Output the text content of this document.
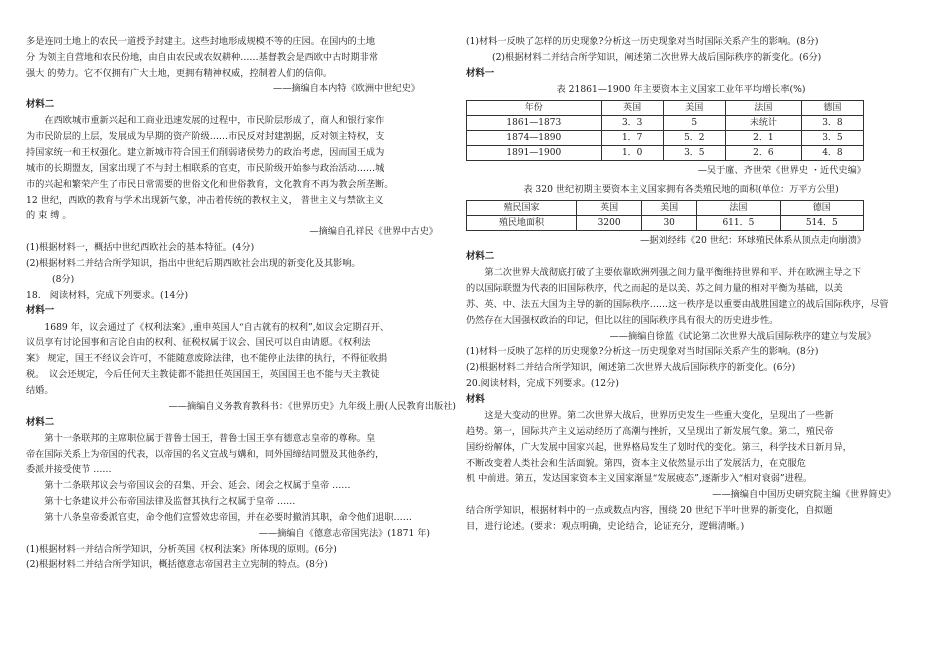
多是连同土地上的农民一道授予封建主。这些封地形成规模不等的庄园。在国内的土地

分 为领主自营地和农民份地，由自由农民或农奴耕种……基督教会是西欧中古时期非常

强大 的势力。它不仅拥有广大土地，更拥有精神权威，控制着人们的信仰。

——摘编自本内特《欧洲中世纪史》

材料二

在西欧城市重新兴起和工商业迅速发展的过程中，市民阶层形成了，商人和银行家作

为市民阶层的上层，发展成为早期的资产阶级……市民反对封建割据，反对领主特权，支

持国家统一和王权强化。建立新城市符合国王们削弱诸侯势力的政治考虑，因而国王成为

城市的长期盟友，国家出现了不与封土相联系的官吏，市民阶级开始参与政治活动……城

市的兴起和繁荣产生了市民日常需要的世俗文化和世俗教育，文化教育不再为教会所垄断。

12 世纪，西欧的教育与学术出现新气象，冲击着传统的教权主义， 普世主义与禁欲主义

的 束 缚 。

—摘编自孔祥民《世界中古史》

(1)根据材料一，概括中世纪西欧社会的基本特征。(4分)

(2)根据材料二并结合所学知识，指出中世纪后期西欧社会出现的新变化及其影响。

(8分)

18.　阅读材料，完成下列要求。(14分)

材料一

1689 年，议会通过了《权利法案》,重申英国人“自古就有的权利”,如议会定期召开、

议员享有讨论国事和言论自由的权利、征税权属于议会、国民可以自由请愿。《权利法

案》 规定，国王不经议会许可，不能随意废除法律，也不能停止法律的执行，不得征收捐

税。　议会还规定，今后任何天主教徒都不能担任英国国王，英国国王也不能与天主教徒

结婚。

——摘编自义务教育教科书：《世界历史》九年级上册(人民教育出版社)

材料二

第十一条联邦的主席职位属于普鲁士国王，普鲁士国王享有德意志皇帝的尊称。皇

帝在国际关系上为帝国的代表，以帝国的名义宣战与媾和，同外国缔结同盟及其他条约，

委派并接受使节 ……

第十二条联邦议会与帝国议会的召集、开会、延会、闭会之权属于皇帝 ……

第十七条建议并公布帝国法律及监督其执行之权属于皇帝 ……

第十八条皇帝委派官吏，命令他们宣誓效忠帝国，并在必要时撤消其职，命令他们退职……

——摘编自《德意志帝国宪法》(1871 年)

(1)根据材料一并结合所学知识，分析英国《权利法案》所体现的原则。(6分)

(2)根据材料二并结合所学知识，概括德意志帝国君主立宪制的特点。(8分)

(1)材料一反映了怎样的历史现象?分析这一历史现象对当时国际关系产生的影响。(8分)

(2)根据材料二并结合所学知识，阐述第二次世界大战后国际秩序的新变化。(6分)

材料一

表 21861—1900 年主要资本主义国家工业年平均增长率(%)

年份	英国	美国	法国	德国
1861—1873	3．3	5	未统计	3．8
1874—1890	1．7	5．2	2．1	3．5
1891—1900	1．0	3．5	2．6	4．8

—吴于廑、齐世荣《世界史 ・近代史编》

表 320 世纪初期主要资本主义国家拥有各类殖民地的面积(单位：万平方公里)

殖民国家	英国	美国	法国	德国
殖民地面积	3200	30	611．5	514．5

—据刘经纬《20 世纪：环球殖民体系从顶点走向崩溃》

材料二

第二次世界大战彻底打破了主要依靠欧洲列强之间力量平衡维持世界和平、并在欧洲主导之下

的以国际联盟为代表的旧国际秩序，代之而起的是以美、苏之间力量的相对平衡为基础，以美

苏、英、中、法五大国为主导的新的国际秩序……这一秩序是以重要由战胜国建立的战后国际秩序，尽管

仍然存在大国强权政治的印记，但比以往的国际秩序具有很大的历史进步性。

——摘编自徐蓝《试论第二次世界大战后国际秩序的建立与发展》

(1)材料一反映了怎样的历史现象?分析这一历史现象对当时国际关系产生的影响。(8分)

(2)根据材料二并结合所学知识，阐述第二次世界大战后国际秩序的新变化。(6分)

20.阅读材料，完成下列要求。(12分)

材料

这是大变动的世界。第二次世界大战后，世界历史发生一些重大变化，呈现出了一些新

趋势。第一，国际共产主义运动经历了高潮与挫折，又呈现出了新发展气象。第二，殖民帝

国纷纷解体，广大发展中国家兴起，世界格局发生了划时代的变化。第三，科学技术日新月异，

不断改变着人类社会和生活面貌。第四，资本主义依然显示出了发展活力，在克服危

机 中前进。第五，发达国家资本主义国家渐显“发展疲态”,逐渐步入“相对衰弱”进程。

——摘编自中国历史研究院主编《世界简史》

结合所学知识，根据材料中的一点或数点内容，围绕 20 世纪下半叶世界的新变化，自拟题

目，进行论述。(要求：观点明确，史论结合，论证充分，逻辑清晰。)
